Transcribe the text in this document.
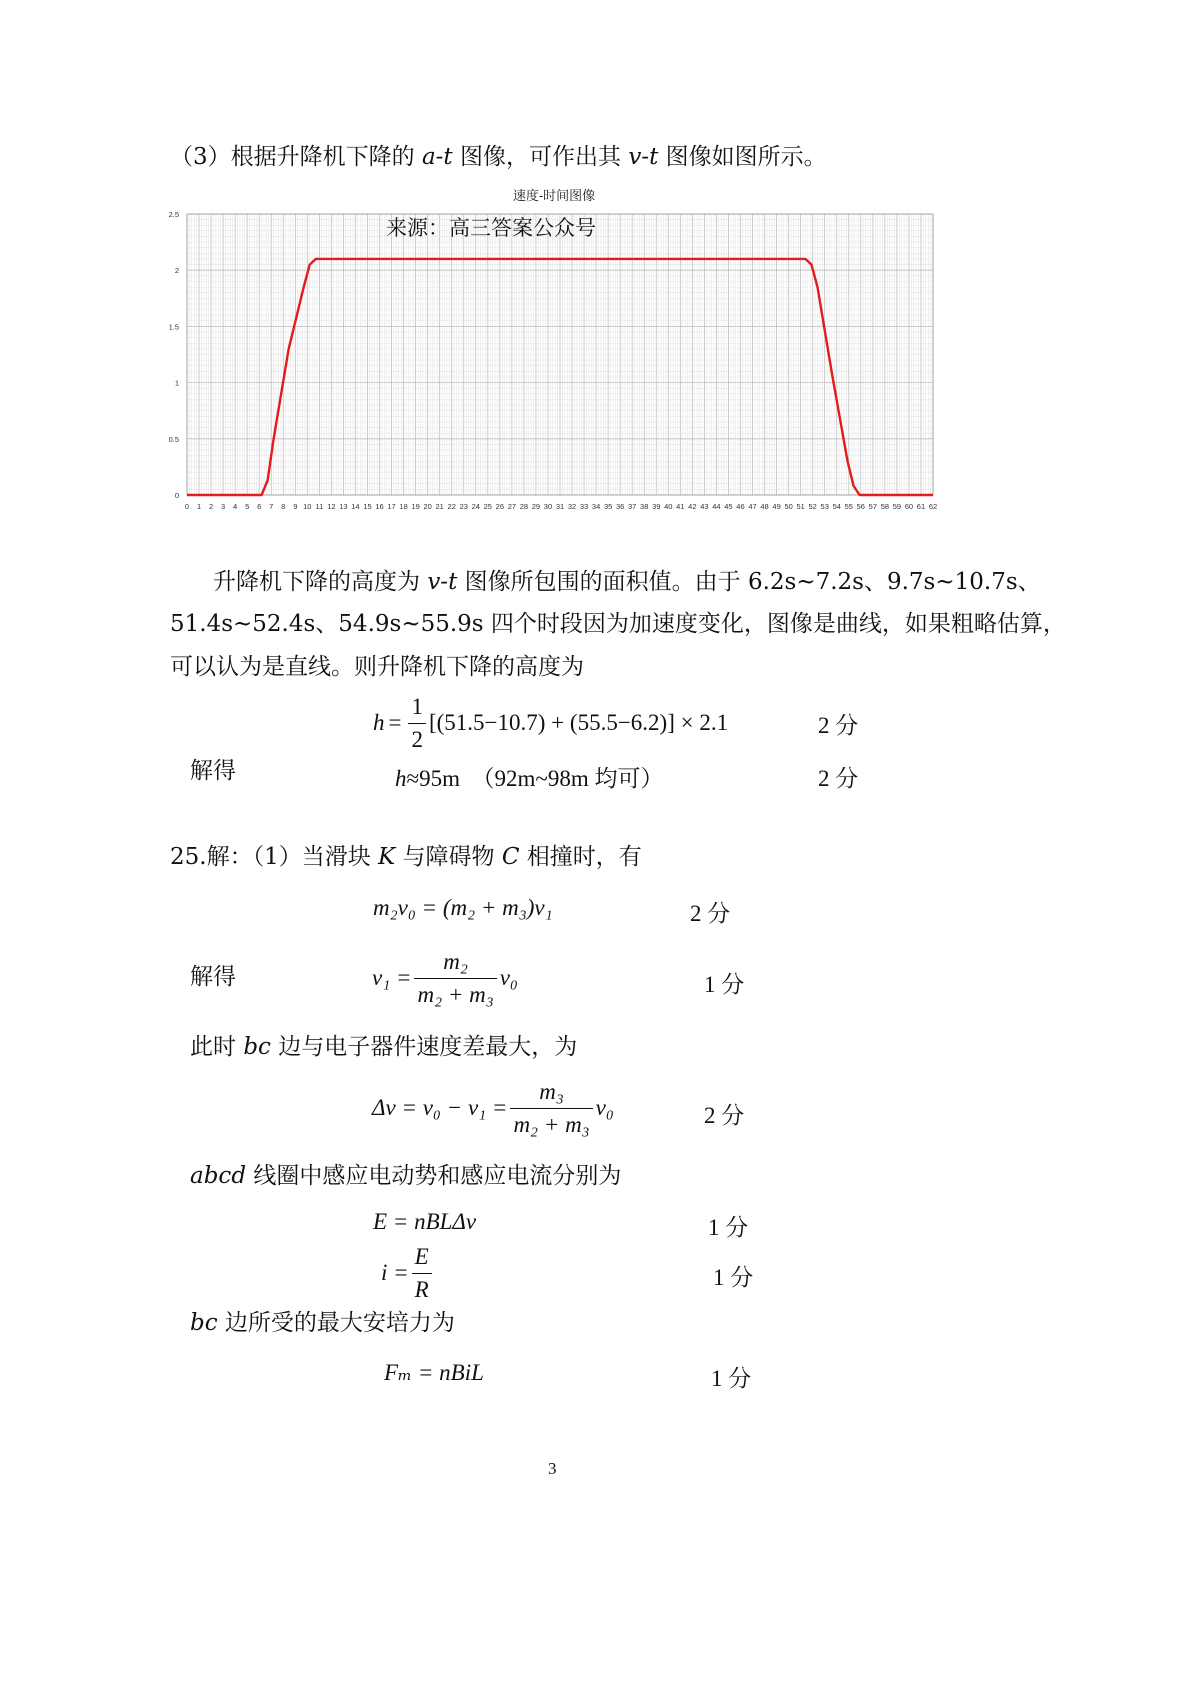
（3）根据升降机下降的 a-t 图像，可作出其 v-t 图像如图所示。
速度-时间图像
0 1 2 3 4 5 6 7 8 9 10 11 12 13 14 15 16 17 18 19 20 21 22 23 24 25 26 27 28 29 30 31 32 33 34 35 36 37 38 39 40 41 42 43 44 45 46 47 48 49 50 51 52 53 54 55 56 57 58 59 60 61 62
0
0.5
1
1.5
2
2.5
来源：高三答案公众号
升降机下降的高度为 v-t 图像所包围的面积值。由于 6.2s~7.2s、9.7s~10.7s、
51.4s~52.4s、54.9s~55.9s 四个时段因为加速度变化，图像是曲线，如果粗略估算，
可以认为是直线。则升降机下降的高度为
$h = \frac{1}{2} [(51.5-10.7) + (55.5-6.2)] \times 2.1$	2 分
解得	h≈95m　（92m~98m 均可）	2 分
25.解：（1）当滑块 K 与障碍物 C 相撞时，有
m₂v₀ = (m₂ + m₃)v₁	2 分
解得	$v_1 = \frac{\text{m₂}}{\text{m₂ + m₃}} v_0$	1 分
此时 bc 边与电子器件速度差最大，为
$\Delta v = v_0 - v_1 = \frac{\text{m₃}}{\text{m₂ + m₃}} v_0$	2 分
abcd 线圈中感应电动势和感应电流分别为
E = nBLΔv	1 分
$i = \frac{E}{R}$	1 分
bc 边所受的最大安培力为
Fₘ = nBiL	1 分
3
